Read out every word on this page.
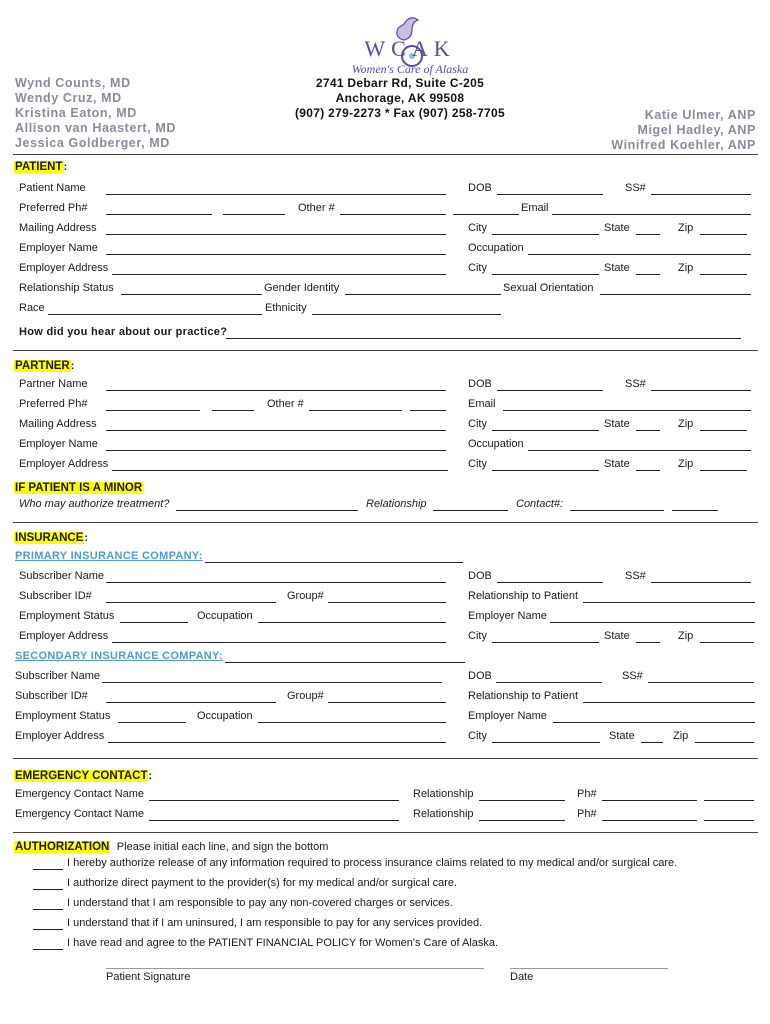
WCAK
Women's Care of Alaska
Wynd Counts, MD
Wendy Cruz, MD
Kristina Eaton, MD
Allison van Haastert, MD
Jessica Goldberger, MD
2741 Debarr Rd, Suite C-205
Anchorage, AK 99508
(907) 279-2273 * Fax (907) 258-7705	Katie Ulmer, ANP
Migel Hadley, ANP
Winifred Koehler, ANP
PATIENT:
Patient Name	DOB	SS#
Preferred Ph#	Other #	Email
Mailing Address	City	State	Zip
Employer Name	Occupation
Employer Address	City	State	Zip
Relationship Status	Gender Identity	Sexual Orientation
Race	Ethnicity
How did you hear about our practice?
PARTNER:
Partner Name	DOB	SS#
Preferred Ph#	Other #	Email
Mailing Address	City	State	Zip
Employer Name	Occupation
Employer Address	City	State	Zip
IF PATIENT IS A MINOR
Who may authorize treatment?	Relationship	Contact#:
INSURANCE:
PRIMARY INSURANCE COMPANY:
Subscriber Name	DOB	SS#
Subscriber ID#	Group#	Relationship to Patient
Employment Status	Occupation	Employer Name
Employer Address	City	State	Zip
SECONDARY INSURANCE COMPANY:
Subscriber Name	DOB	SS#
Subscriber ID#	Group#	Relationship to Patient
Employment Status	Occupation	Employer Name
Employer Address	City	State	Zip
EMERGENCY CONTACT:
Emergency Contact Name	Relationship	Ph#
Emergency Contact Name	Relationship	Ph#
AUTHORIZATION Please initial each line, and sign the bottom
I hereby authorize release of any information required to process insurance claims related to my medical and/or surgical care.
I authorize direct payment to the provider(s) for my medical and/or surgical care.
I understand that I am responsible to pay any non-covered charges or services.
I understand that if I am uninsured, I am responsible to pay for any services provided.
I have read and agree to the PATIENT FINANCIAL POLICY for Women's Care of Alaska.
Patient Signature	Date
